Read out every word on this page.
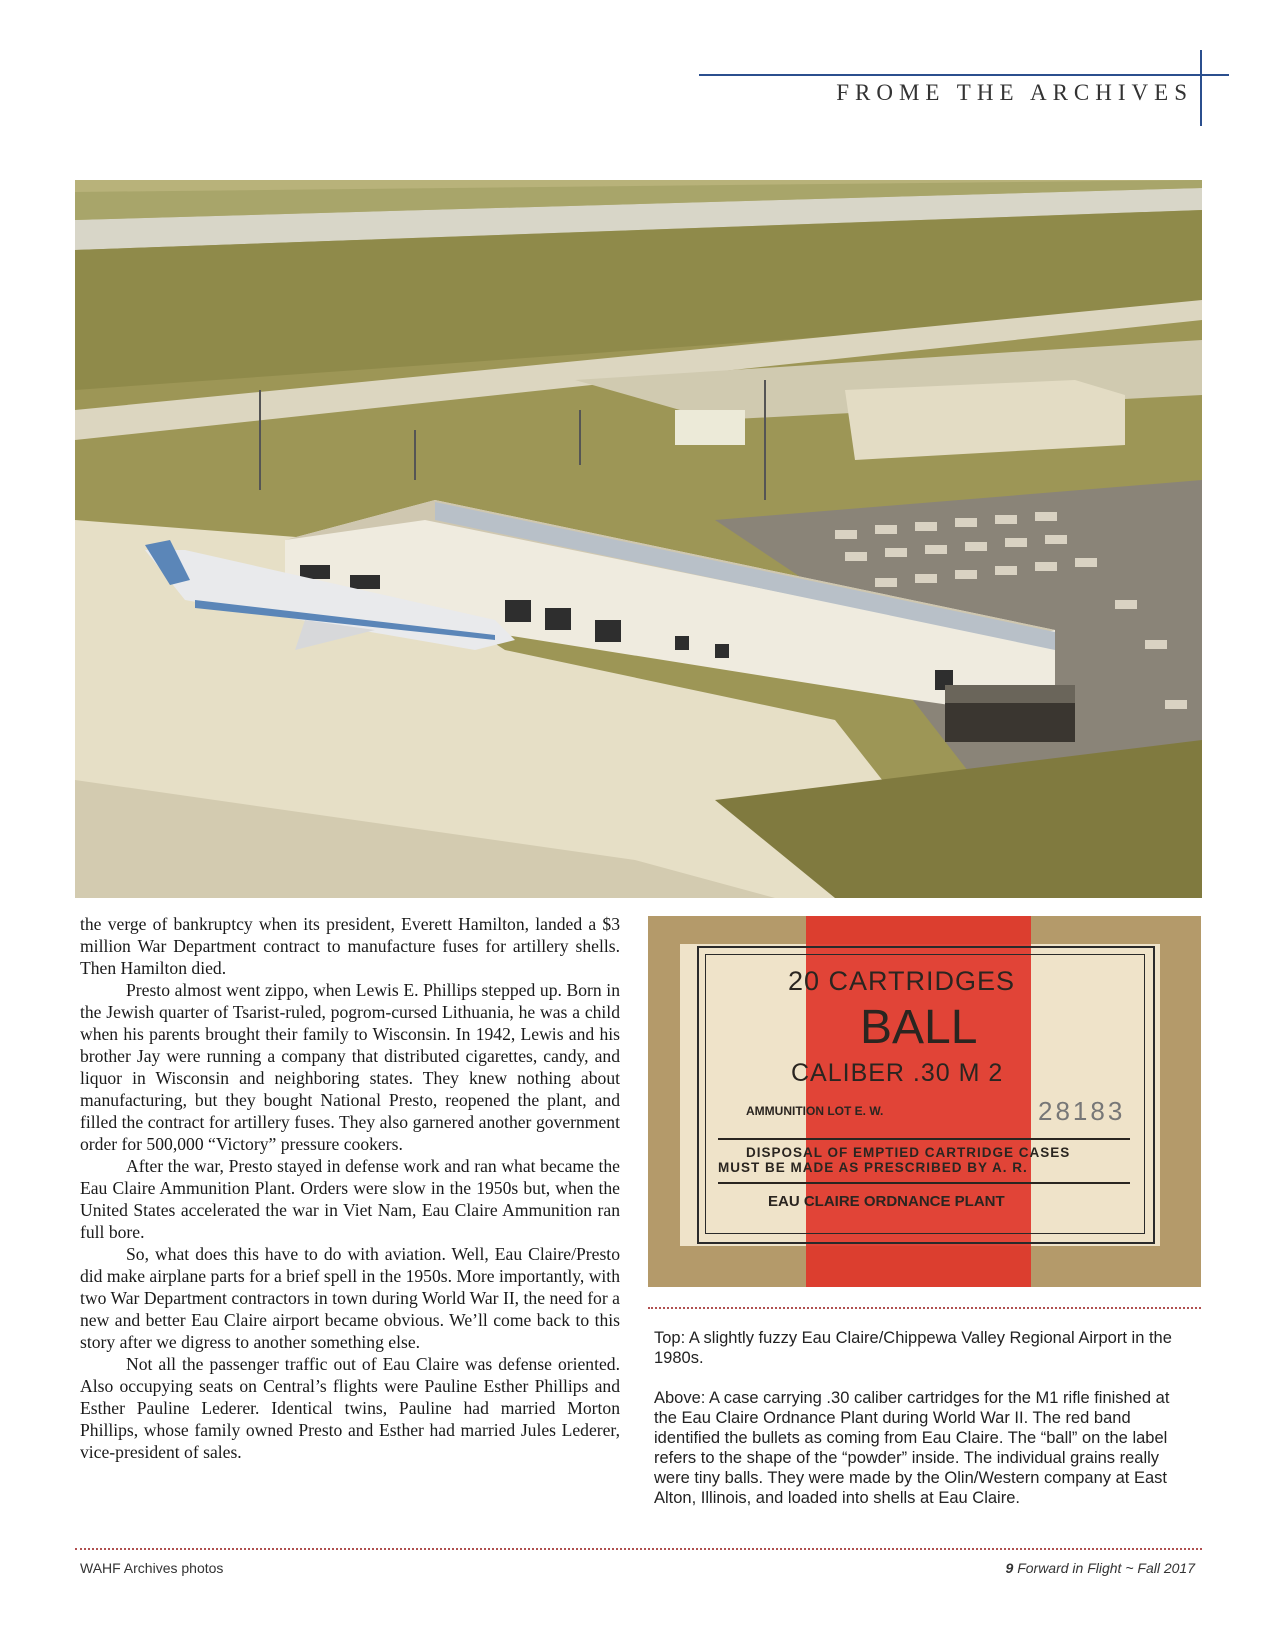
FROME THE ARCHIVES

the verge of bankruptcy when its president, Everett Hamilton, landed a $3 million War Department contract to manufacture fuses for artillery shells. Then Hamilton died.

Presto almost went zippo, when Lewis E. Phillips stepped up. Born in the Jewish quarter of Tsarist-ruled, pogrom-cursed Lithuania, he was a child when his parents brought their family to Wisconsin. In 1942, Lewis and his brother Jay were running a company that distributed cigarettes, candy, and liquor in Wisconsin and neighboring states. They knew nothing about manufacturing, but they bought National Presto, reopened the plant, and filled the contract for artillery fuses. They also garnered another government order for 500,000 “Victory” pressure cookers.

After the war, Presto stayed in defense work and ran what became the Eau Claire Ammunition Plant. Orders were slow in the 1950s but, when the United States accelerated the war in Viet Nam, Eau Claire Ammunition ran full bore.

So, what does this have to do with aviation. Well, Eau Claire/Presto did make airplane parts for a brief spell in the 1950s. More importantly, with two War Department contractors in town during World War II, the need for a new and better Eau Claire airport became obvious. We’ll come back to this story after we digress to another something else.

Not all the passenger traffic out of Eau Claire was defense oriented. Also occupying seats on Central’s flights were Pauline Esther Phillips and Esther Pauline Lederer. Identical twins, Pauline had married Morton Phillips, whose family owned Presto and Esther had married Jules Lederer, vice-president of sales.

20 CARTRIDGES
BALL
CALIBER .30 M 2
AMMUNITION LOT E. W.	28183
DISPOSAL OF EMPTIED CARTRIDGE CASES
MUST BE MADE AS PRESCRIBED BY A. R.
EAU CLAIRE ORDNANCE PLANT

Top: A slightly fuzzy Eau Claire/Chippewa Valley Regional Airport in the 1980s.

Above: A case carrying .30 caliber cartridges for the M1 rifle finished at the Eau Claire Ordnance Plant during World War II. The red band identified the bullets as coming from Eau Claire. The “ball” on the label refers to the shape of the “powder” inside. The individual grains really were tiny balls. They were made by the Olin/Western company at East Alton, Illinois, and loaded into shells at Eau Claire.

WAHF Archives photos	9 Forward in Flight ~ Fall 2017
